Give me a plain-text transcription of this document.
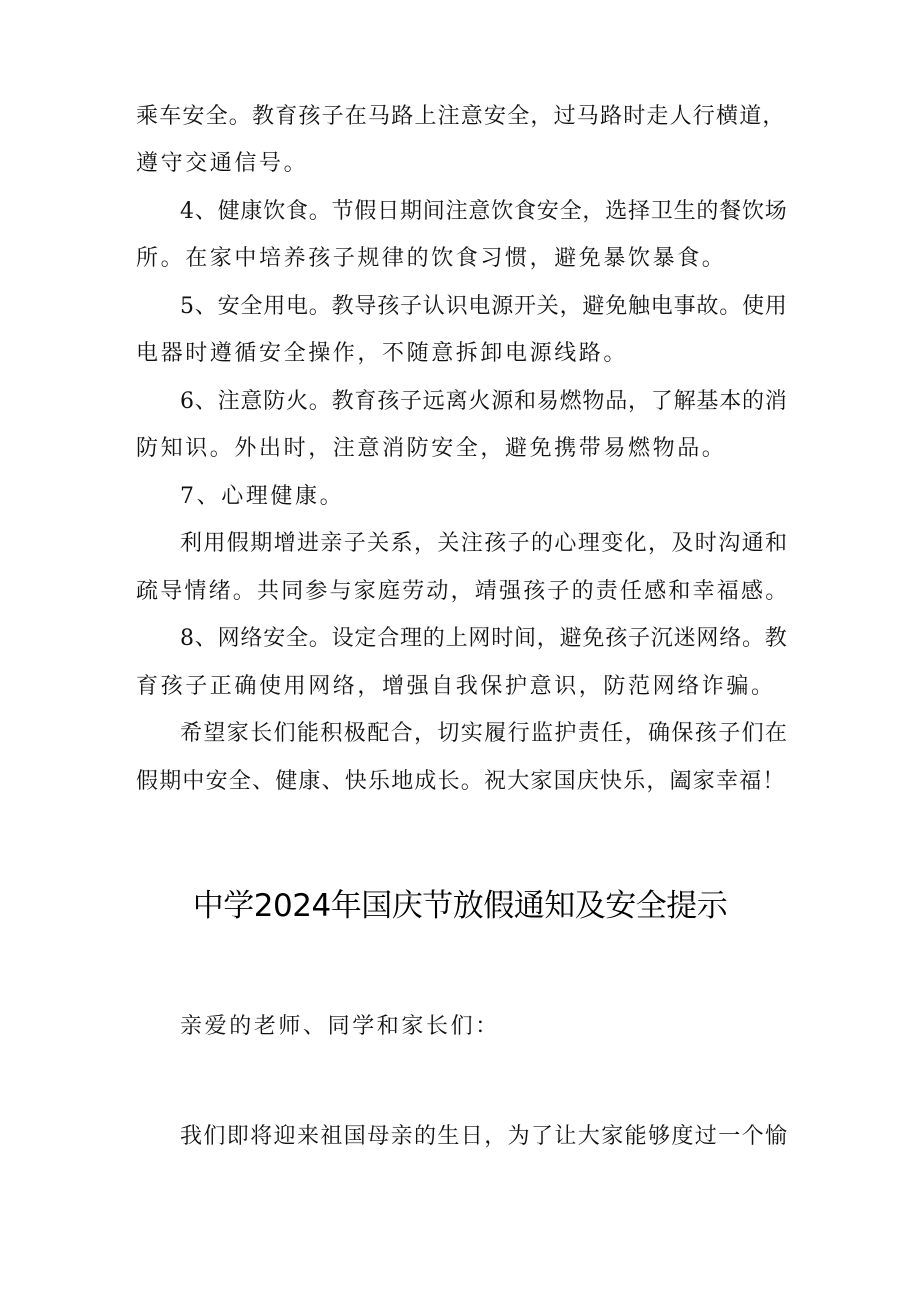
乘车安全。教育孩子在马路上注意安全，过马路时走人行横道，
遵守交通信号。
4、健康饮食。节假日期间注意饮食安全，选择卫生的餐饮场
所。在家中培养孩子规律的饮食习惯，避免暴饮暴食。
5、安全用电。教导孩子认识电源开关，避免触电事故。使用
电器时遵循安全操作，不随意拆卸电源线路。
6、注意防火。教育孩子远离火源和易燃物品，了解基本的消
防知识。外出时，注意消防安全，避免携带易燃物品。
7、心理健康。
利用假期增进亲子关系，关注孩子的心理变化，及时沟通和
疏导情绪。共同参与家庭劳动，靖强孩子的责任感和幸福感。
8、网络安全。设定合理的上网时间，避免孩子沉迷网络。教
育孩子正确使用网络，增强自我保护意识，防范网络诈骗。
希望家长们能积极配合，切实履行监护责任，确保孩子们在
假期中安全、健康、快乐地成长。祝大家国庆快乐，阖家幸福！
中学2024年国庆节放假通知及安全提示
亲爱的老师、同学和家长们：
我们即将迎来祖国母亲的生日，为了让大家能够度过一个愉
